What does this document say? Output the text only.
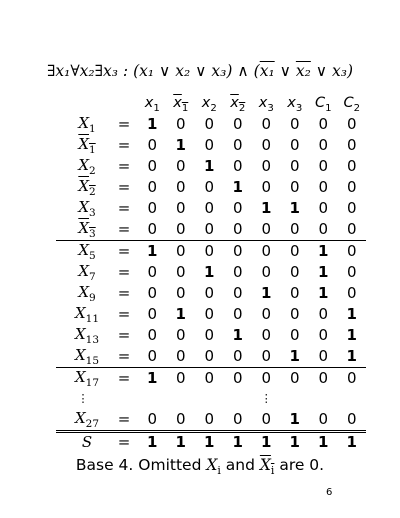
∃x₁∀x₂∃x₃ : (x₁ ∨ x₂ ∨ x₃) ∧ (x₁ ∨ x₂ ∨ x₃)
		$x_1$	$x_1$	$x_2$	$x_2$	$x_3$	$x_3$	$C_1$	$C_2$
$X_1$	=	1	0	0	0	0	0	0	0
$X_1$	=	0	1	0	0	0	0	0	0
$X_2$	=	0	0	1	0	0	0	0	0
$X_2$	=	0	0	0	1	0	0	0	0
$X_3$	=	0	0	0	0	1	1	0	0
$X_3$	=	0	0	0	0	0	0	0	0
$X_5$	=	1	0	0	0	0	0	1	0
$X_7$	=	0	0	1	0	0	0	1	0
$X_9$	=	0	0	0	0	1	0	1	0
$X_{11}$	=	0	1	0	0	0	0	0	1
$X_{13}$	=	0	0	0	1	0	0	0	1
$X_{15}$	=	0	0	0	0	0	1	0	1
$X_{17}$	=	1	0	0	0	0	0	0	0
⋮						⋮			
$X_{27}$	=	0	0	0	0	0	1	0	0
S	=	1	1	1	1	1	1	1	1
Base 4. Omitted $X_i$ and $X_i$ are 0.
6
